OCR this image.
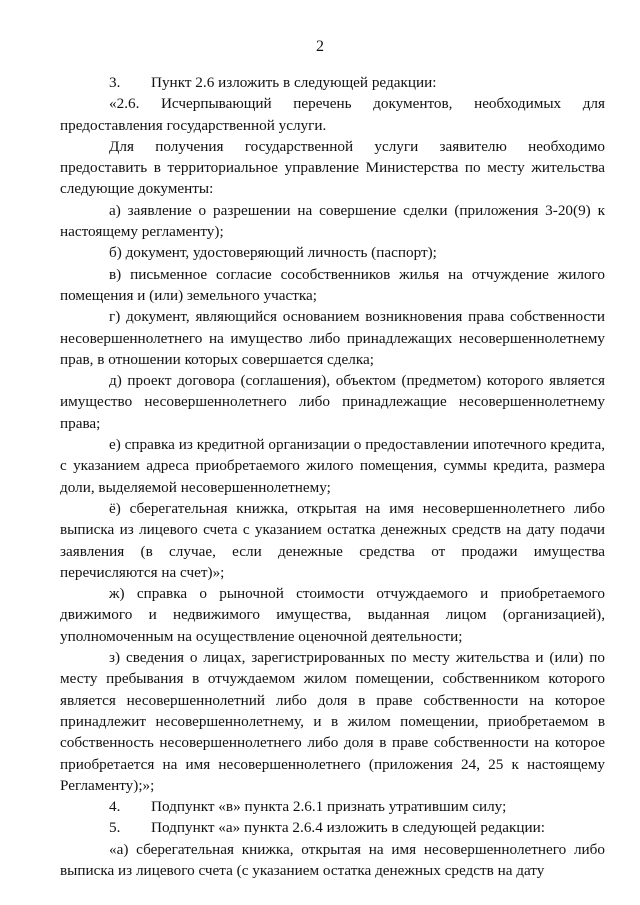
2

3. Пункт 2.6 изложить в следующей редакции:

«2.6. Исчерпывающий перечень документов, необходимых для предоставления государственной услуги.

Для получения государственной услуги заявителю необходимо предоставить в территориальное управление Министерства по месту жительства следующие документы:

а) заявление о разрешении на совершение сделки (приложения 3-20(9) к настоящему регламенту);

б) документ, удостоверяющий личность (паспорт);

в) письменное согласие сособственников жилья на отчуждение жилого помещения и (или) земельного участка;

г) документ, являющийся основанием возникновения права собственности несовершеннолетнего на имущество либо принадлежащих несовершеннолетнему прав, в отношении которых совершается сделка;

д) проект договора (соглашения), объектом (предметом) которого является имущество несовершеннолетнего либо принадлежащие несовершеннолетнему права;

е) справка из кредитной организации о предоставлении ипотечного кредита, с указанием адреса приобретаемого жилого помещения, суммы кредита, размера доли, выделяемой несовершеннолетнему;

ё) сберегательная книжка, открытая на имя несовершеннолетнего либо выписка из лицевого счета с указанием остатка денежных средств на дату подачи заявления (в случае, если денежные средства от продажи имущества перечисляются на счет)»;

ж) справка о рыночной стоимости отчуждаемого и приобретаемого движимого и недвижимого имущества, выданная лицом (организацией), уполномоченным на осуществление оценочной деятельности;

з) сведения о лицах, зарегистрированных по месту жительства и (или) по месту пребывания в отчуждаемом жилом помещении, собственником которого является несовершеннолетний либо доля в праве собственности на которое принадлежит несовершеннолетнему, и в жилом помещении, приобретаемом в собственность несовершеннолетнего либо доля в праве собственности на которое приобретается на имя несовершеннолетнего (приложения 24, 25 к настоящему Регламенту);»;

4. Подпункт «в» пункта 2.6.1 признать утратившим силу;

5. Подпункт «а» пункта 2.6.4 изложить в следующей редакции:

«а) сберегательная книжка, открытая на имя несовершеннолетнего либо выписка из лицевого счета (с указанием остатка денежных средств на дату
